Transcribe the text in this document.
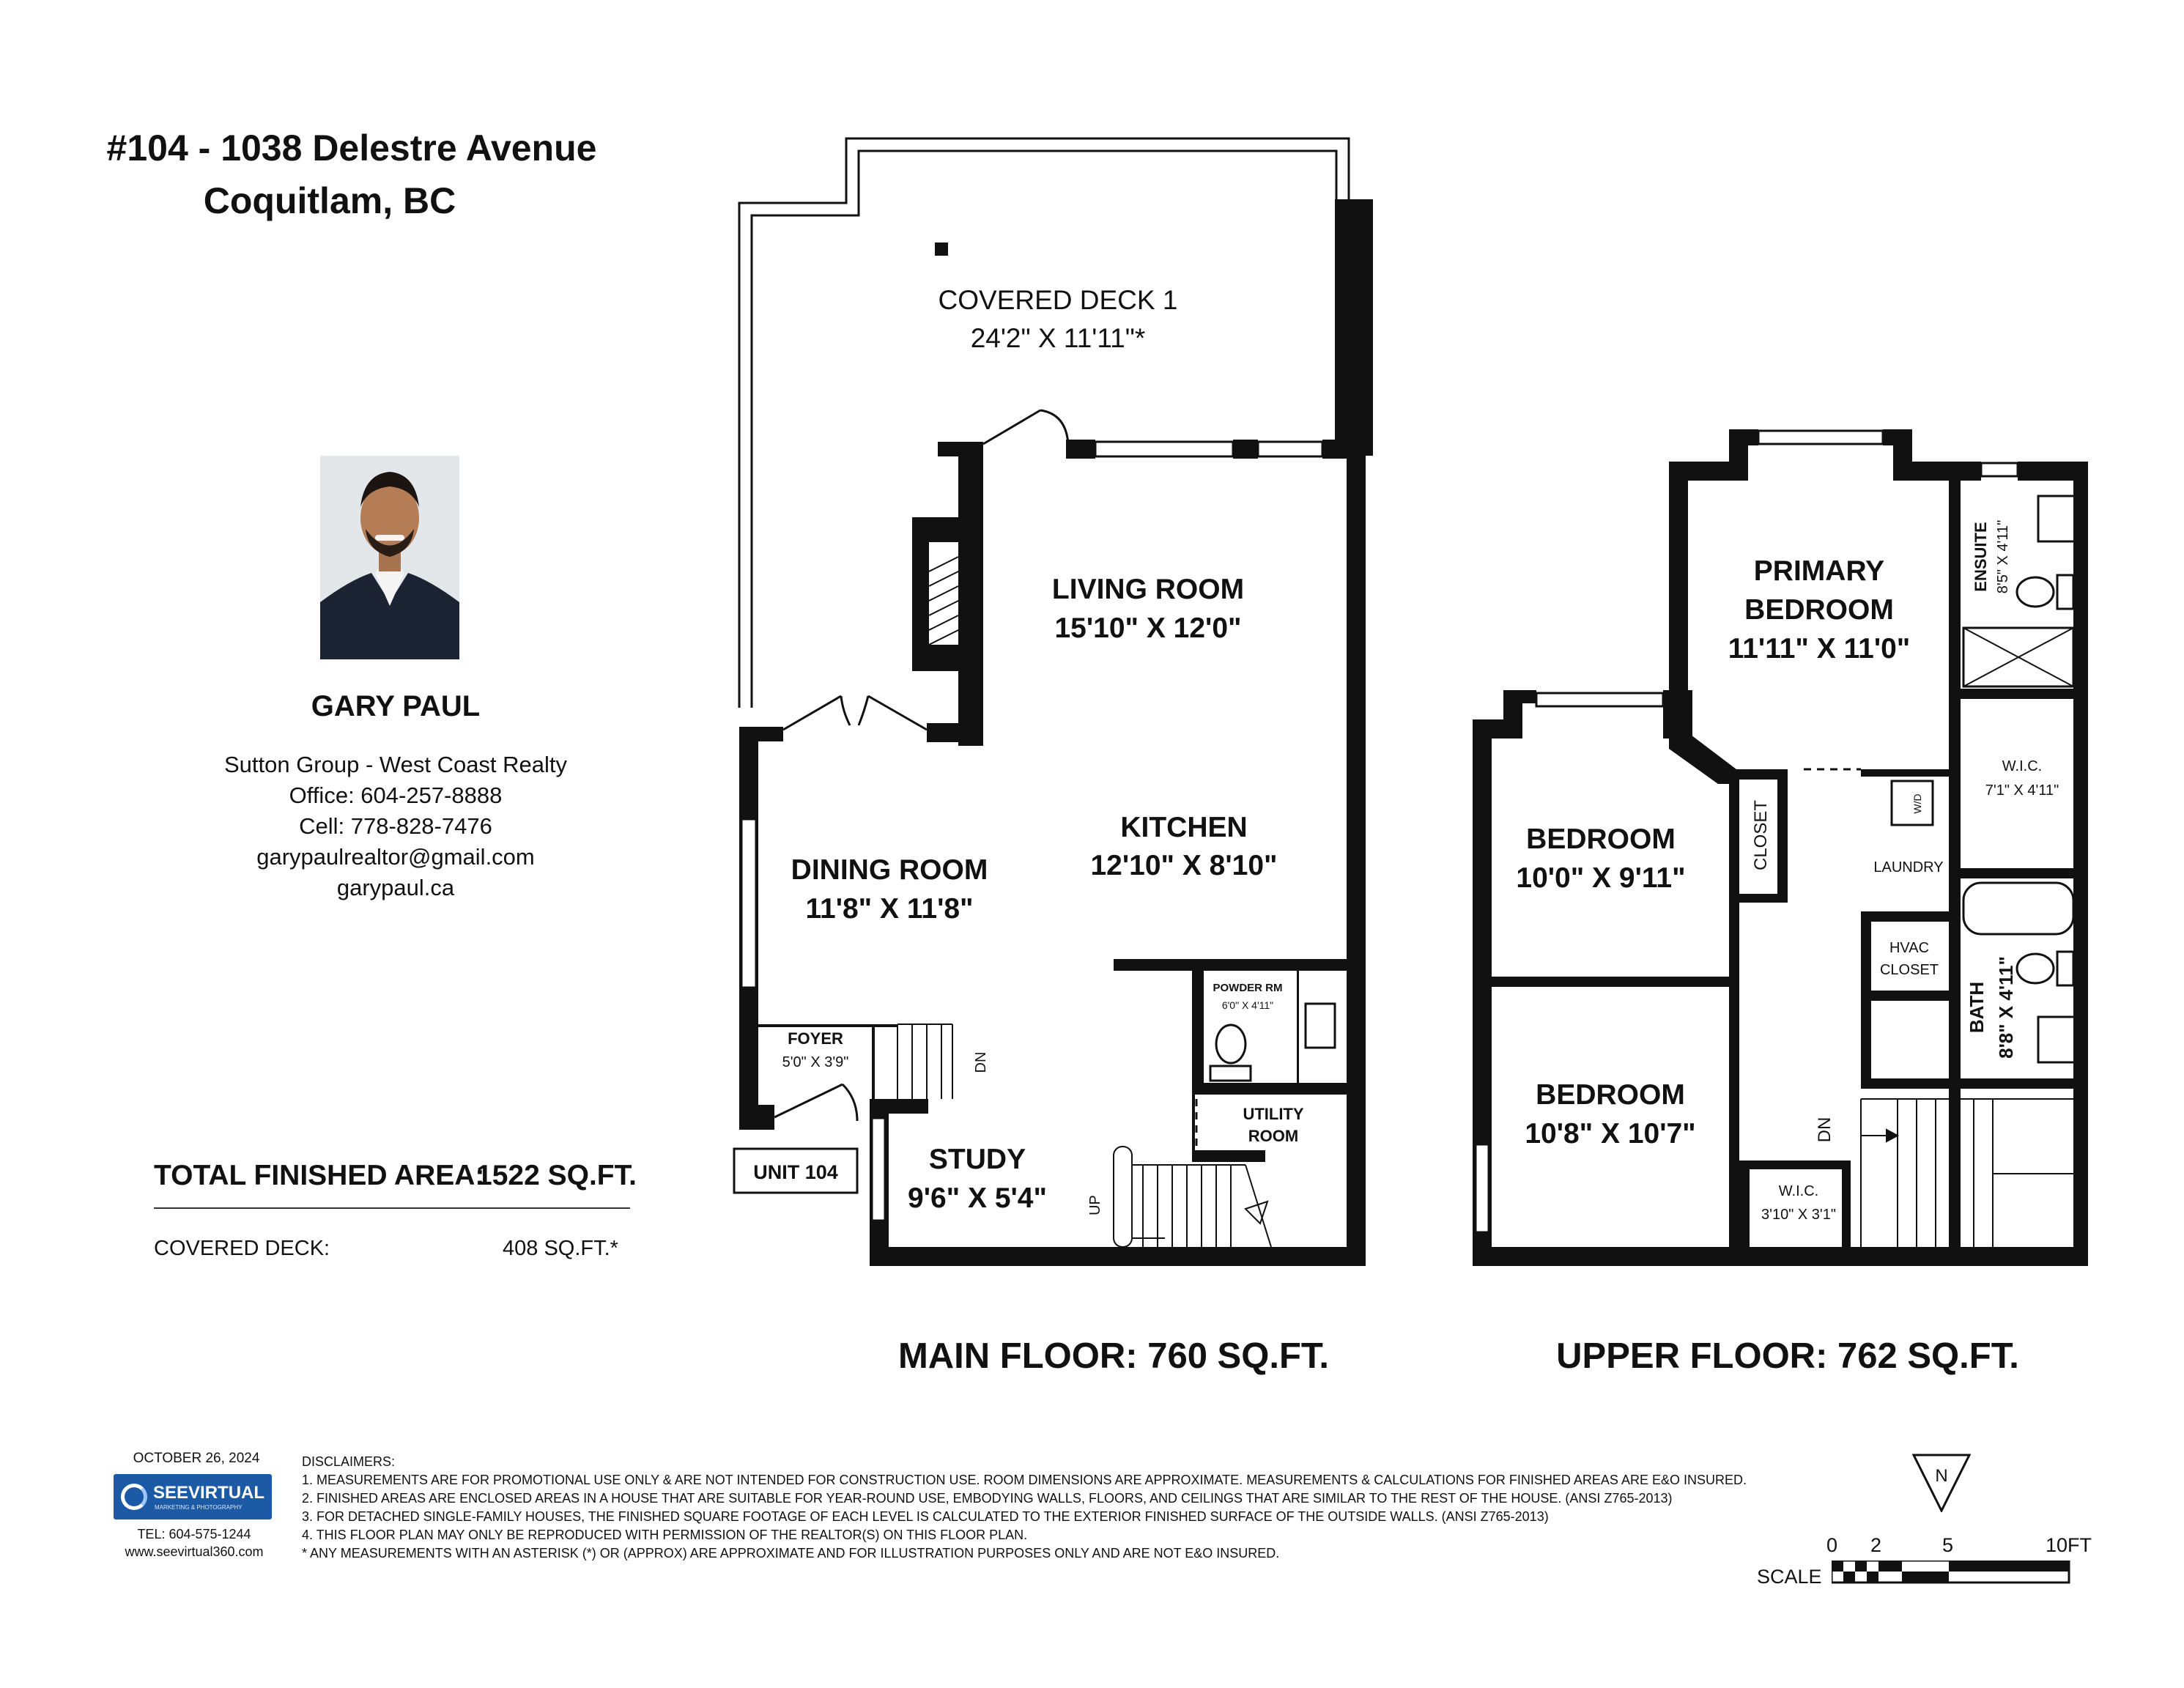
#104 - 1038 Delestre Avenue
Coquitlam, BC
GARY PAUL
Sutton Group - West Coast Realty
Office: 604-257-8888
Cell: 778-828-7476
garypaulrealtor@gmail.com
garypaul.ca
TOTAL FINISHED AREA:
1522 SQ.FT.
COVERED DECK:	408 SQ.FT.*
UNIT 104
COVERED DECK 1
24'2" X 11'11"*
LIVING ROOM
15'10" X 12'0"
KITCHEN
12'10" X 8'10"
DINING ROOM
11'8" X 11'8"
FOYER
5'0" X 3'9"	DN
POWDER RM
6'0" X 4'11"
UTILITY
ROOM
STUDY
9'6" X 5'4"	UP
PRIMARY
BEDROOM
11'11" X 11'0"
ENSUITE 8'5" X 4'11"
W.I.C.
7'1" X 4'11"
BEDROOM
10'0" X 9'11"
CLOSET	W/D
LAUNDRY
HVAC
CLOSET
BATH 8'8" X 4'11"
BEDROOM
10'8" X 10'7"
W.I.C.
3'10" X 3'1"
DN
MAIN FLOOR: 760 SQ.FT.	UPPER FLOOR: 762 SQ.FT.
OCTOBER 26, 2024
SEEVIRTUAL
MARKETING & PHOTOGRAPHY
TEL: 604-575-1244
www.seevirtual360.com
DISCLAIMERS:
1. MEASUREMENTS ARE FOR PROMOTIONAL USE ONLY & ARE NOT INTENDED FOR CONSTRUCTION USE. ROOM DIMENSIONS ARE APPROXIMATE. MEASUREMENTS & CALCULATIONS FOR FINISHED AREAS ARE E&O INSURED.
2. FINISHED AREAS ARE ENCLOSED AREAS IN A HOUSE THAT ARE SUITABLE FOR YEAR-ROUND USE, EMBODYING WALLS, FLOORS, AND CEILINGS THAT ARE SIMILAR TO THE REST OF THE HOUSE. (ANSI Z765-2013)
3. FOR DETACHED SINGLE-FAMILY HOUSES, THE FINISHED SQUARE FOOTAGE OF EACH LEVEL IS CALCULATED TO THE EXTERIOR FINISHED SURFACE OF THE OUTSIDE WALLS. (ANSI Z765-2013)
4. THIS FLOOR PLAN MAY ONLY BE REPRODUCED WITH PERMISSION OF THE REALTOR(S) ON THIS FLOOR PLAN.
* ANY MEASUREMENTS WITH AN ASTERISK (*) OR (APPROX) ARE APPROXIMATE AND FOR ILLUSTRATION PURPOSES ONLY AND ARE NOT E&O INSURED.
N
0 2	5	10FT
SCALE
